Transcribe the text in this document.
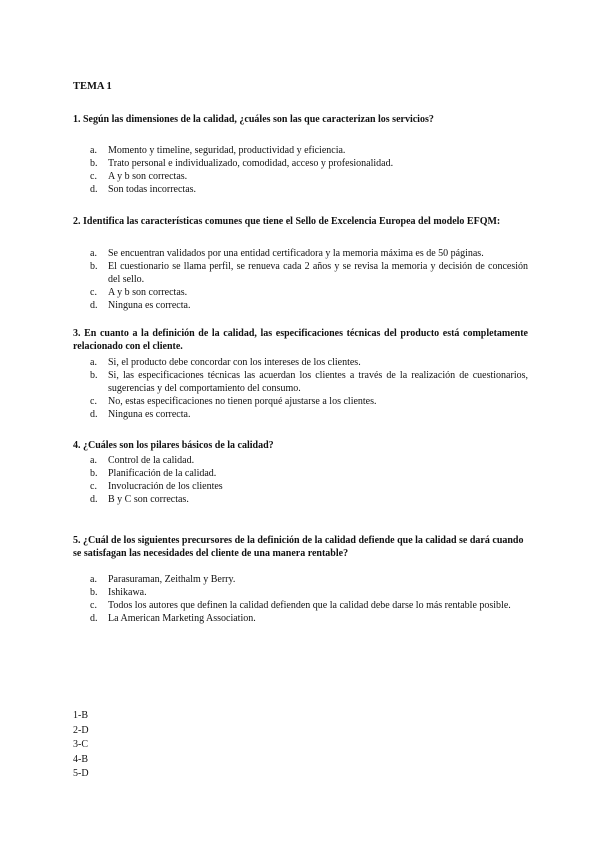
TEMA 1
1. Según las dimensiones de la calidad, ¿cuáles son las que caracterizan los servicios?
a. Momento y timeline, seguridad, productividad y eficiencia.
b. Trato personal e individualizado, comodidad, acceso y profesionalidad.
c. A y b son correctas.
d. Son todas incorrectas.
2. Identifica las características comunes que tiene el Sello de Excelencia Europea del modelo EFQM:
a. Se encuentran validados por una entidad certificadora y la memoria máxima es de 50 páginas.
b. El cuestionario se llama perfil, se renueva cada 2 años y se revisa la memoria y decisión de concesión del sello.
c. A y b son correctas.
d. Ninguna es correcta.
3. En cuanto a la definición de la calidad, las especificaciones técnicas del producto está completamente relacionado con el cliente.
a. Si, el producto debe concordar con los intereses de los clientes.
b. Si, las especificaciones técnicas las acuerdan los clientes a través de la realización de cuestionarios, sugerencias y del comportamiento del consumo.
c. No, estas especificaciones no tienen porqué ajustarse a los clientes.
d. Ninguna es correcta.
4. ¿Cuáles son los pilares básicos de la calidad?
a. Control de la calidad.
b. Planificación de la calidad.
c. Involucración de los clientes
d. B y C son correctas.
5. ¿Cuál de los siguientes precursores de la definición de la calidad defiende que la calidad se dará cuando se satisfagan las necesidades del cliente de una manera rentable?
a. Parasuraman, Zeithalm y Berry.
b. Ishikawa.
c. Todos los autores que definen la calidad defienden que la calidad debe darse lo más rentable posible.
d. La American Marketing Association.
1-B
2-D
3-C
4-B
5-D
